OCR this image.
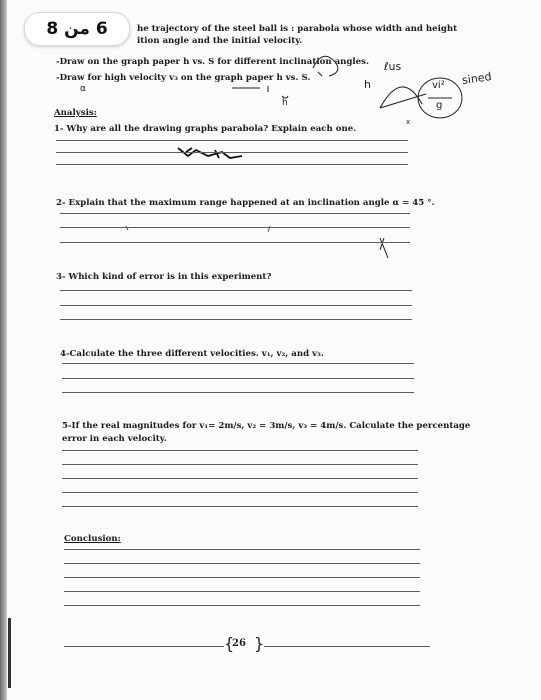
6 من 8	he trajectory of the steel ball is : parabola whose width and height
ition angle and the initial velocity.
-Draw on the graph paper h vs. S for different inclination angles.
-Draw for high velocity v₃ on the graph paper h vs. S.
ℓus
h
x
vi²
g
sined
α
h
Analysis:
1- Why are all the drawing graphs parabola? Explain each one.
2- Explain that the maximum range happened at an inclination angle α = 45 °.
3- Which kind of error is in this experiment?
4-Calculate the three different velocities. v₁, v₂, and v₃.
5-If the real magnitudes for v₁= 2m/s, v₂ = 3m/s, v₃ = 4m/s. Calculate the percentage
error in each velocity.
Conclusion:
{
26 }
